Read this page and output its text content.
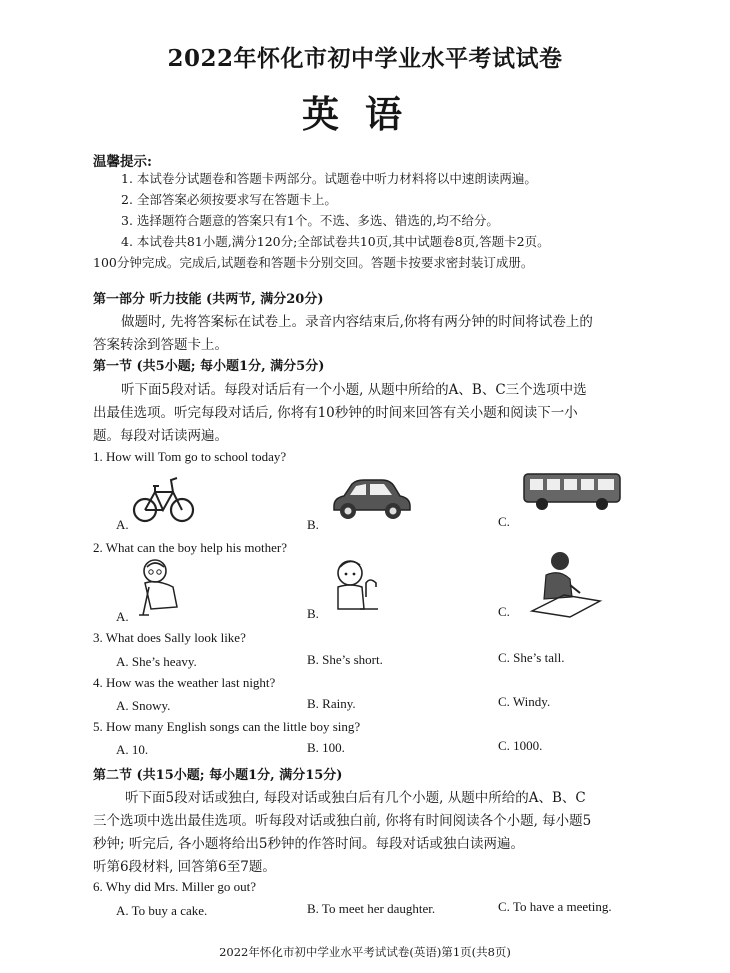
2022年怀化市初中学业水平考试试卷
英语
温馨提示:
1. 本试卷分试题卷和答题卡两部分。试题卷中听力材料将以中速朗读两遍。
2. 全部答案必须按要求写在答题卡上。
3. 选择题符合题意的答案只有1个。不选、多选、错选的,均不给分。
4. 本试卷共81小题,满分120分;全部试卷共10页,其中试题卷8页,答题卡2页。
100分钟完成。完成后,试题卷和答题卡分别交回。答题卡按要求密封装订成册。
第一部分 听力技能 (共两节, 满分20分)
做题时, 先将答案标在试卷上。录音内容结束后,你将有两分钟的时间将试卷上的
答案转涂到答题卡上。
第一节 (共5小题; 每小题1分, 满分5分)
听下面5段对话。每段对话后有一个小题, 从题中所给的A、B、C三个选项中选
出最佳选项。听完每段对话后, 你将有10秒钟的时间来回答有关小题和阅读下一小
题。每段对话读两遍。
1. How will Tom go to school today?
A.	B.	C.
2. What can the boy help his mother?
A.	B.	C.
3. What does Sally look like?
A. She’s heavy.	B. She’s short.	C. She’s tall.
4. How was the weather last night?
A. Snowy.	B. Rainy.	C. Windy.
5. How many English songs can the little boy sing?
A. 10.	B. 100.	C. 1000.
第二节 (共15小题; 每小题1分, 满分15分)
听下面5段对话或独白, 每段对话或独白后有几个小题, 从题中所给的A、B、C
三个选项中选出最佳选项。听每段对话或独白前, 你将有时间阅读各个小题, 每小题5
秒钟; 听完后, 各小题将给出5秒钟的作答时间。每段对话或独白读两遍。
听第6段材料, 回答第6至7题。
6. Why did Mrs. Miller go out?
A. To buy a cake.	B. To meet her daughter.	C. To have a meeting.
2022年怀化市初中学业水平考试试卷(英语)第1页(共8页)
